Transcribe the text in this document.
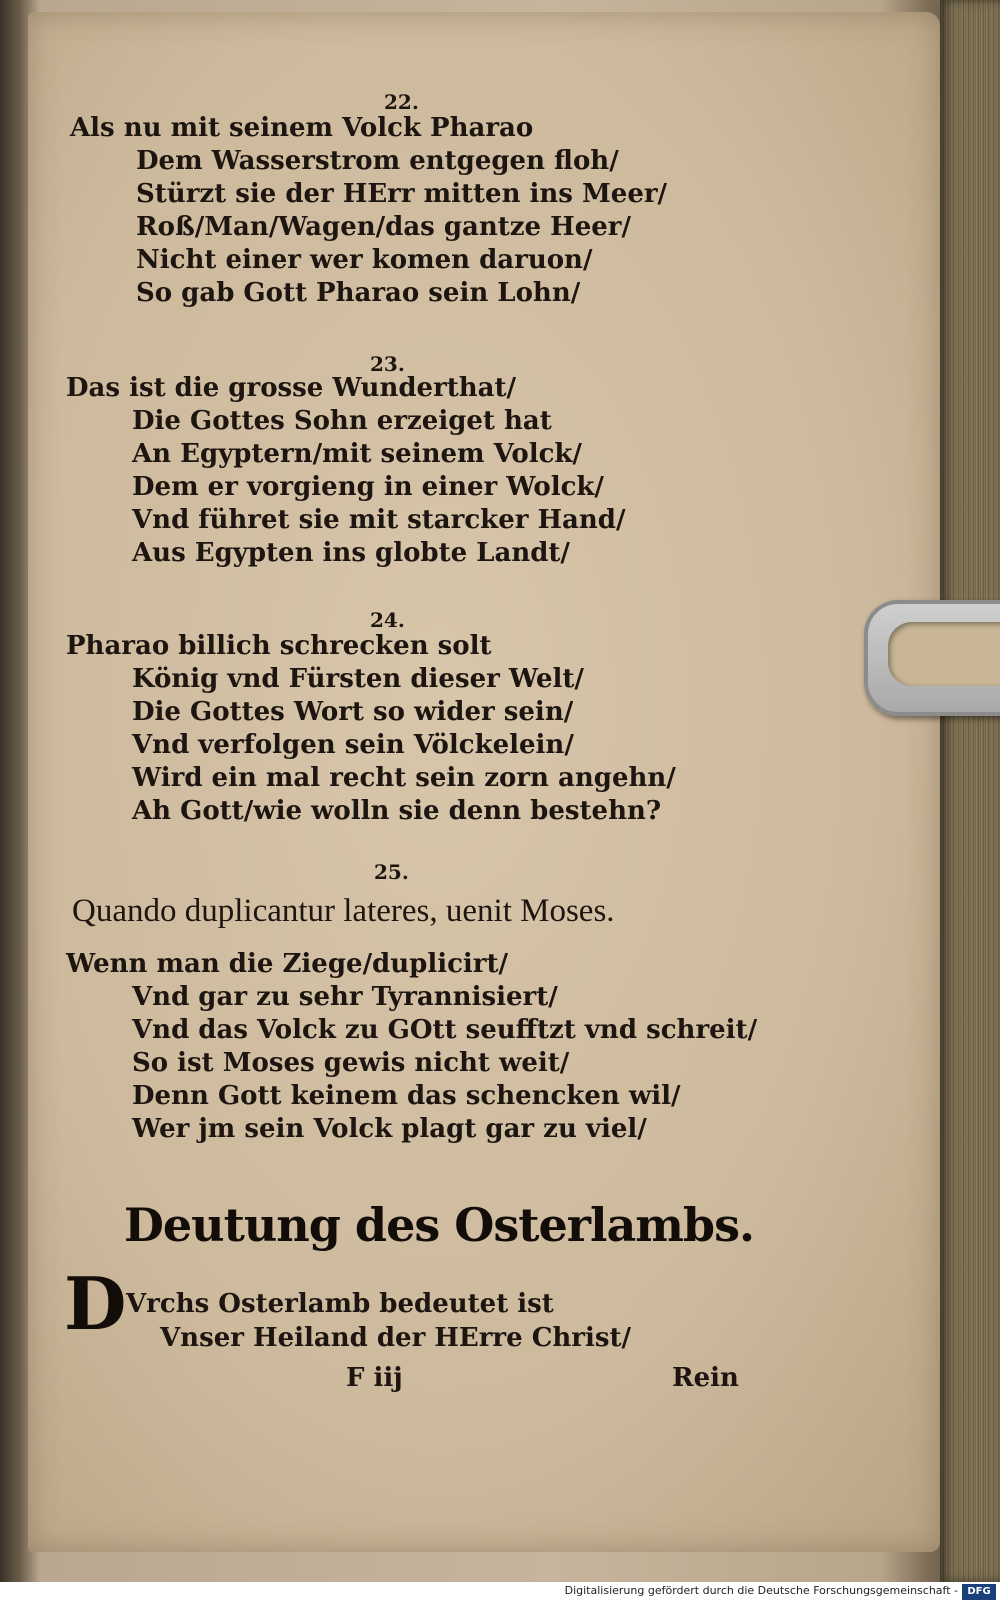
22.
Als nu mit seinem Volck Pharao
Dem Wasserstrom entgegen floh/
Stürzt sie der HErr mitten ins Meer/
Roß/Man/Wagen/das gantze Heer/
Nicht einer wer komen daruon/
So gab Gott Pharao sein Lohn/
23.
Das ist die grosse Wunderthat/
Die Gottes Sohn erzeiget hat
An Egyptern/mit seinem Volck/
Dem er vorgieng in einer Wolck/
Vnd führet sie mit starcker Hand/
Aus Egypten ins globte Landt/
24.
Pharao billich schrecken solt
König vnd Fürsten dieser Welt/
Die Gottes Wort so wider sein/
Vnd verfolgen sein Völckelein/
Wird ein mal recht sein zorn angehn/
Ah Gott/wie wolln sie denn bestehn?
25.
Quando duplicantur lateres, uenit Moses.
Wenn man die Ziege/duplicirt/
Vnd gar zu sehr Tyrannisiert/
Vnd das Volck zu GOtt seufftzt vnd schreit/
So ist Moses gewis nicht weit/
Denn Gott keinem das schencken wil/
Wer jm sein Volck plagt gar zu viel/
Deutung des Osterlambs.
D Vrchs Osterlamb bedeutet ist
Vnser Heiland der HErre Christ/
F iij	Rein
Digitalisierung gefördert durch die Deutsche Forschungsgemeinschaft - DFG
